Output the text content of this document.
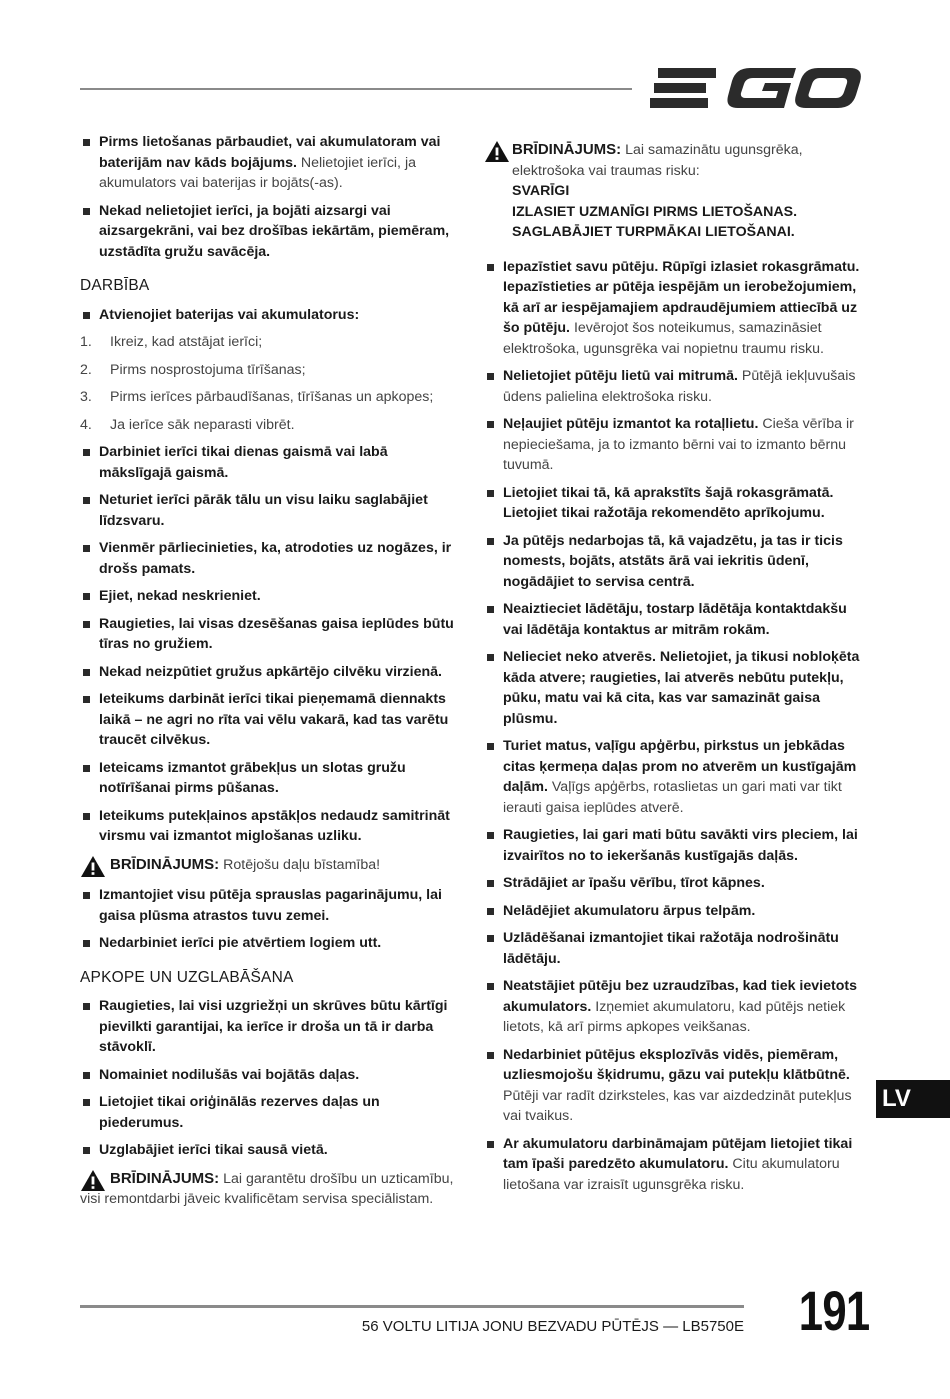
Pirms lietošanas pārbaudiet, vai akumulatoram vai baterijām nav kāds bojājums. Nelietojiet ierīci, ja akumulators vai baterijas ir bojāts(-as).
Nekad nelietojiet ierīci, ja bojāti aizsargi vai aizsargekrāni, vai bez drošības iekārtām, piemēram, uzstādīta gružu savācēja.
DARBĪBA
Atvienojiet baterijas vai akumulatorus:
1.	Ikreiz, kad atstājat ierīci;
2.	Pirms nosprostojuma tīrīšanas;
3.	Pirms ierīces pārbaudīšanas, tīrīšanas un apkopes;
4.	Ja ierīce sāk neparasti vibrēt.
Darbiniet ierīci tikai dienas gaismā vai labā mākslīgajā gaismā.
Neturiet ierīci pārāk tālu un visu laiku saglabājiet līdzsvaru.
Vienmēr pārliecinieties, ka, atrodoties uz nogāzes, ir drošs pamats.
Ejiet, nekad neskrieniet.
Raugieties, lai visas dzesēšanas gaisa ieplūdes būtu tīras no gružiem.
Nekad neizpūtiet gružus apkārtējo cilvēku virzienā.
Ieteikums darbināt ierīci tikai pieņemamā diennakts laikā – ne agri no rīta vai vēlu vakarā, kad tas varētu traucēt cilvēkus.
Ieteicams izmantot grābekļus un slotas gružu notīrīšanai pirms pūšanas.
Ieteikums putekļainos apstākļos nedaudz samitrināt virsmu vai izmantot miglošanas uzliku.
BRĪDINĀJUMS: Rotējošu daļu bīstamība!
Izmantojiet visu pūtēja sprauslas pagarinājumu, lai gaisa plūsma atrastos tuvu zemei.
Nedarbiniet ierīci pie atvērtiem logiem utt.
APKOPE UN UZGLABĀŠANA
Raugieties, lai visi uzgriežņi un skrūves būtu kārtīgi pievilkti garantijai, ka ierīce ir droša un tā ir darba stāvoklī.
Nomainiet nodilušās vai bojātās daļas.
Lietojiet tikai oriģinālās rezerves daļas un piederumus.
Uzglabājiet ierīci tikai sausā vietā.
BRĪDINĀJUMS: Lai garantētu drošību un uzticamību, visi remontdarbi jāveic kvalificētam servisa speciālistam.
BRĪDINĀJUMS: Lai samazinātu ugunsgrēka, elektrošoka vai traumas risku:
SVARĪGI
IZLASIET UZMANĪGI PIRMS LIETOŠANAS.
SAGLABĀJIET TURPMĀKAI LIETOŠANAI.
Iepazīstiet savu pūtēju. Rūpīgi izlasiet rokasgrāmatu. Iepazīstieties ar pūtēja iespējām un ierobežojumiem, kā arī ar iespējamajiem apdraudējumiem attiecībā uz šo pūtēju. Ievērojot šos noteikumus, samazināsiet elektrošoka, ugunsgrēka vai nopietnu traumu risku.
Nelietojiet pūtēju lietū vai mitrumā. Pūtējā iekļuvušais ūdens palielina elektrošoka risku.
Neļaujiet pūtēju izmantot ka rotaļlietu. Cieša vērība ir nepieciešama, ja to izmanto bērni vai to izmanto bērnu tuvumā.
Lietojiet tikai tā, kā aprakstīts šajā rokasgrāmatā. Lietojiet tikai ražotāja rekomendēto aprīkojumu.
Ja pūtējs nedarbojas tā, kā vajadzētu, ja tas ir ticis nomests, bojāts, atstāts ārā vai iekritis ūdenī, nogādājiet to servisa centrā.
Neaiztieciet lādētāju, tostarp lādētāja kontaktdakšu vai lādētāja kontaktus ar mitrām rokām.
Nelieciet neko atverēs. Nelietojiet, ja tikusi nobloķēta kāda atvere; raugieties, lai atverēs nebūtu putekļu, pūku, matu vai kā cita, kas var samazināt gaisa plūsmu.
Turiet matus, vaļīgu apģērbu, pirkstus un jebkādas citas ķermeņa daļas prom no atverēm un kustīgajām daļām. Vaļīgs apģērbs, rotaslietas un gari mati var tikt ierauti gaisa ieplūdes atverē.
Raugieties, lai gari mati būtu savākti virs pleciem, lai izvairītos no to iekeršanās kustīgajās daļās.
Strādājiet ar īpašu vērību, tīrot kāpnes.
Nelādējiet akumulatoru ārpus telpām.
Uzlādēšanai izmantojiet tikai ražotāja nodrošinātu lādētāju.
Neatstājiet pūtēju bez uzraudzības, kad tiek ievietots akumulators. Izņemiet akumulatoru, kad pūtējs netiek lietots, kā arī pirms apkopes veikšanas.
Nedarbiniet pūtējus eksplozīvās vidēs, piemēram, uzliesmojošu šķidrumu, gāzu vai putekļu klātbūtnē. Pūtēji var radīt dzirksteles, kas var aizdedzināt putekļus vai tvaikus.
Ar akumulatoru darbināmajam pūtējam lietojiet tikai tam īpaši paredzēto akumulatoru. Citu akumulatoru lietošana var izraisīt ugunsgrēka risku.
LV
56 VOLTU LITIJA JONU BEZVADU PŪTĒJS — LB5750E 191
